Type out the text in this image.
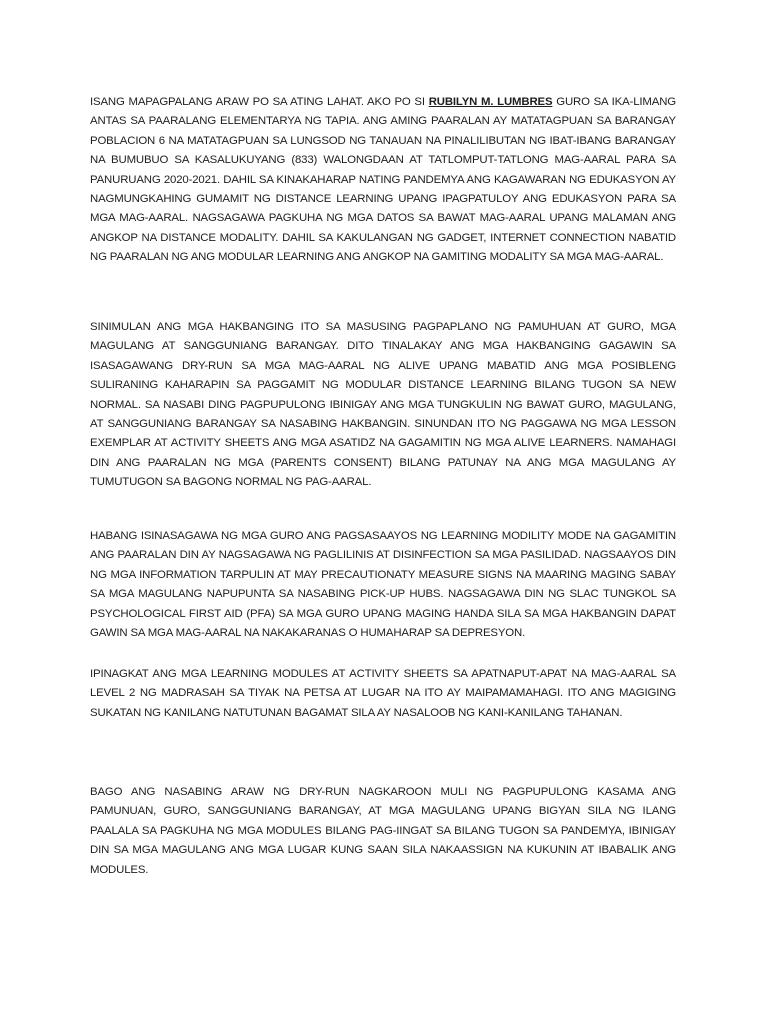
ISANG MAPAGPALANG ARAW PO SA ATING LAHAT. AKO PO SI RUBILYN M. LUMBRES GURO SA IKA-LIMANG ANTAS SA PAARALANG ELEMENTARYA NG TAPIA. ANG AMING PAARALAN AY MATATAGPUAN SA BARANGAY POBLACION 6 NA MATATAGPUAN SA LUNGSOD NG TANAUAN NA PINALILIBUTAN NG IBAT-IBANG BARANGAY NA BUMUBUO SA KASALUKUYANG (833) WALONGDAAN AT TATLOMPUT-TATLONG MAG-AARAL PARA SA PANURUANG 2020-2021. DAHIL SA KINAKAHARAP NATING PANDEMYA ANG KAGAWARAN NG EDUKASYON AY NAGMUNGKAHING GUMAMIT NG DISTANCE LEARNING UPANG IPAGPATULOY ANG EDUKASYON PARA SA MGA MAG-AARAL. NAGSAGAWA PAGKUHA NG MGA DATOS SA BAWAT MAG-AARAL UPANG MALAMAN ANG ANGKOP NA DISTANCE MODALITY. DAHIL SA KAKULANGAN NG GADGET, INTERNET CONNECTION NABATID NG PAARALAN NG ANG MODULAR LEARNING ANG ANGKOP NA GAMITING MODALITY SA MGA MAG-AARAL.

SINIMULAN ANG MGA HAKBANGING ITO SA MASUSING PAGPAPLANO NG PAMUHUAN AT GURO, MGA MAGULANG AT SANGGUNIANG BARANGAY. DITO TINALAKAY ANG MGA HAKBANGING GAGAWIN SA ISASAGAWANG DRY-RUN SA MGA MAG-AARAL NG ALIVE UPANG MABATID ANG MGA POSIBLENG SULIRANING KAHARAPIN SA PAGGAMIT NG MODULAR DISTANCE LEARNING BILANG TUGON SA NEW NORMAL. SA NASABI DING PAGPUPULONG IBINIGAY ANG MGA TUNGKULIN NG BAWAT GURO, MAGULANG, AT SANGGUNIANG BARANGAY SA NASABING HAKBANGIN. SINUNDAN ITO NG PAGGAWA NG MGA LESSON EXEMPLAR AT ACTIVITY SHEETS ANG MGA ASATIDZ NA GAGAMITIN NG MGA ALIVE LEARNERS. NAMAHAGI DIN ANG PAARALAN NG MGA (PARENTS CONSENT) BILANG PATUNAY NA ANG MGA MAGULANG AY TUMUTUGON SA BAGONG NORMAL NG PAG-AARAL.

HABANG ISINASAGAWA NG MGA GURO ANG PAGSASAAYOS NG LEARNING MODILITY MODE NA GAGAMITIN ANG PAARALAN DIN AY NAGSAGAWA NG PAGLILINIS AT DISINFECTION SA MGA PASILIDAD. NAGSAAYOS DIN NG MGA INFORMATION TARPULIN AT MAY PRECAUTIONATY MEASURE SIGNS NA MAARING MAGING SABAY SA MGA MAGULANG NAPUPUNTA SA NASABING PICK-UP HUBS. NAGSAGAWA DIN NG SLAC TUNGKOL SA PSYCHOLOGICAL FIRST AID (PFA) SA MGA GURO UPANG MAGING HANDA SILA SA MGA HAKBANGIN DAPAT GAWIN SA MGA MAG-AARAL NA NAKAKARANAS O HUMAHARAP SA DEPRESYON.

IPINAGKAT ANG MGA LEARNING MODULES AT ACTIVITY SHEETS SA APATNAPUT-APAT NA MAG-AARAL SA LEVEL 2 NG MADRASAH SA TIYAK NA PETSA AT LUGAR NA ITO AY MAIPAMAMAHAGI. ITO ANG MAGIGING SUKATAN NG KANILANG NATUTUNAN BAGAMAT SILA AY NASALOOB NG KANI-KANILANG TAHANAN.

BAGO ANG NASABING ARAW NG DRY-RUN NAGKAROON MULI NG PAGPUPULONG KASAMA ANG PAMUNUAN, GURO, SANGGUNIANG BARANGAY, AT MGA MAGULANG UPANG BIGYAN SILA NG ILANG PAALALA SA PAGKUHA NG MGA MODULES BILANG PAG-IINGAT SA BILANG TUGON SA PANDEMYA, IBINIGAY DIN SA MGA MAGULANG ANG MGA LUGAR KUNG SAAN SILA NAKAASSIGN NA KUKUNIN AT IBABALIK ANG MODULES.
